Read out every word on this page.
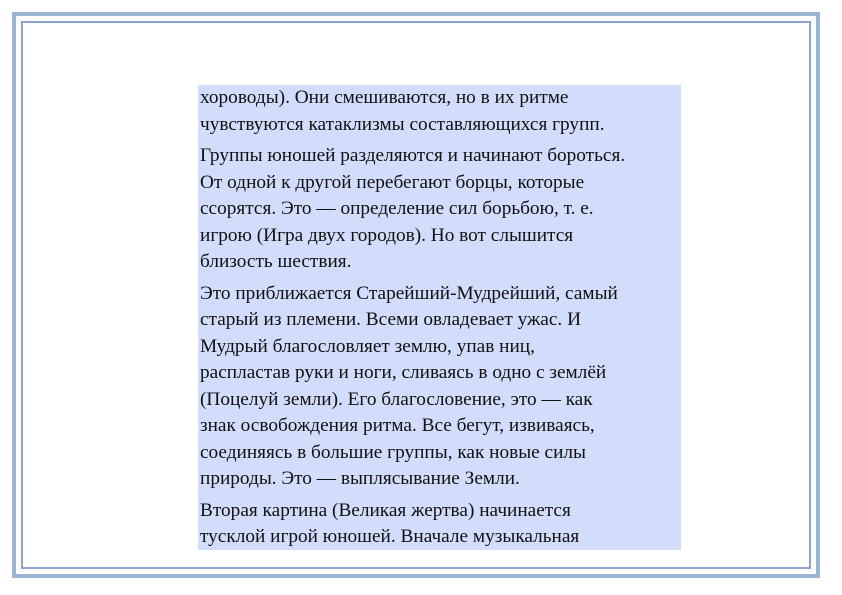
хороводы). Они смешиваются, но в их ритме
чувствуются катаклизмы составляющихся групп.

Группы юношей разделяются и начинают бороться.
От одной к другой перебегают борцы, которые
ссорятся. Это — определение сил борьбою, т. е.
игрою (Игра двух городов). Но вот слышится
близость шествия.

Это приближается Старейший-Мудрейший, самый
старый из племени. Всеми овладевает ужас. И
Мудрый благословляет землю, упав ниц,
распластав руки и ноги, сливаясь в одно с землёй
(Поцелуй земли). Его благословение, это — как
знак освобождения ритма. Все бегут, извиваясь,
соединяясь в большие группы, как новые силы
природы. Это — выплясывание Земли.

Вторая картина (Великая жертва) начинается
тусклой игрой юношей. Вначале музыкальная
